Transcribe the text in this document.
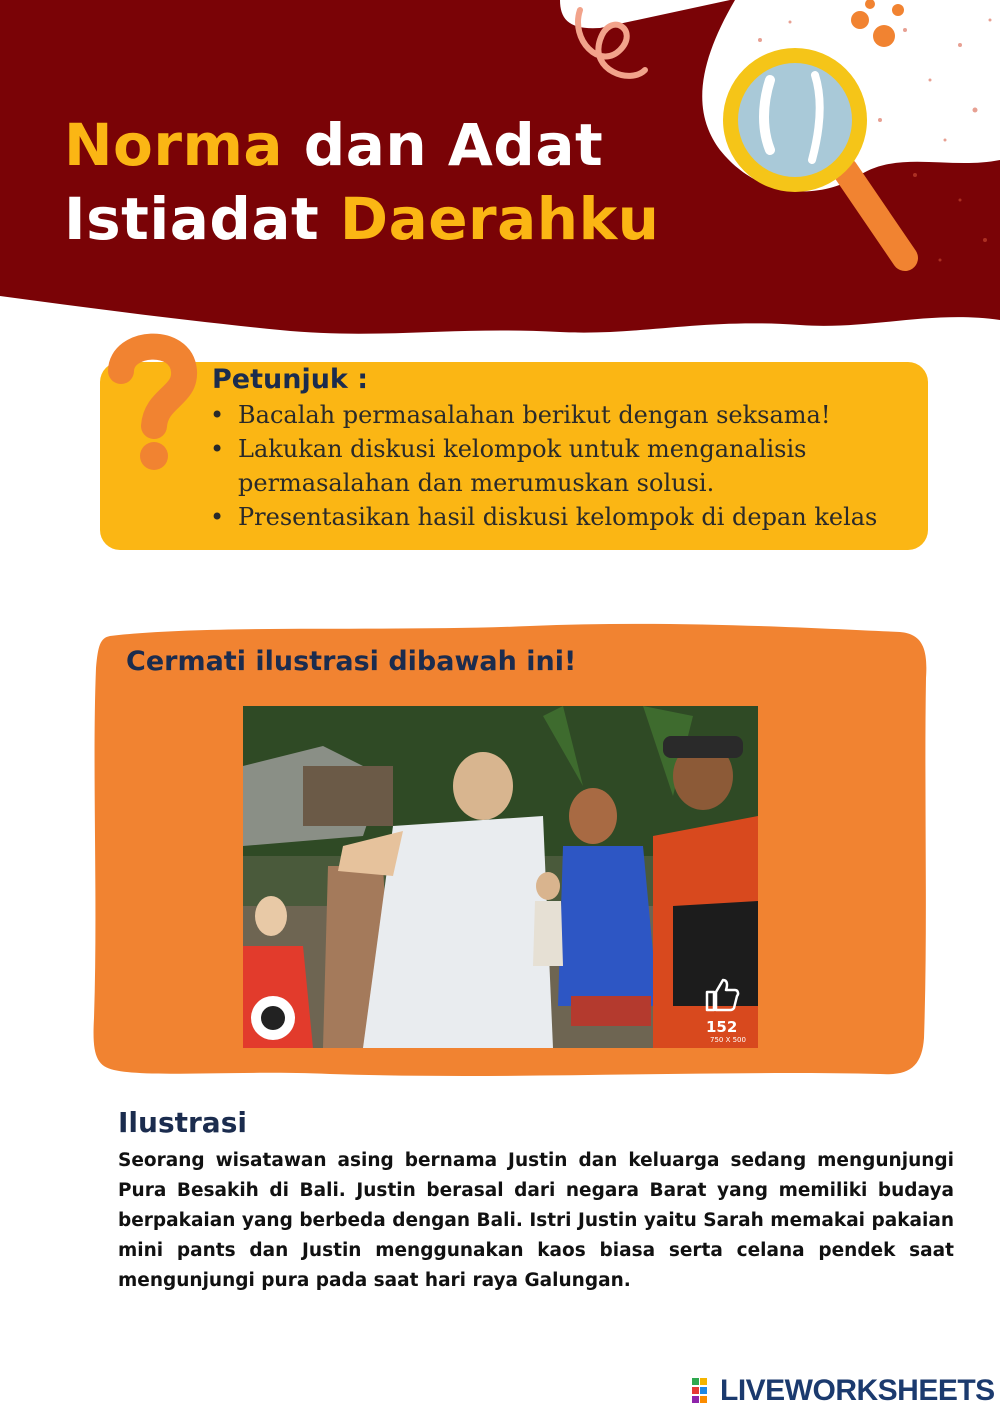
Norma dan Adat
Istiadat Daerahku
Petunjuk :
• Bacalah permasalahan berikut dengan seksama!
• Lakukan diskusi kelompok untuk menganalisis permasalahan dan merumuskan solusi.
• Presentasikan hasil diskusi kelompok di depan kelas
Cermati ilustrasi dibawah ini!
152
750 X 500
Ilustrasi
Seorang wisatawan asing bernama Justin dan keluarga sedang mengunjungi Pura Besakih di Bali. Justin berasal dari negara Barat yang memiliki budaya berpakaian yang berbeda dengan Bali. Istri Justin yaitu Sarah memakai pakaian mini pants dan Justin menggunakan kaos biasa serta celana pendek saat mengunjungi pura pada saat hari raya Galungan.
LIVEWORKSHEETS
